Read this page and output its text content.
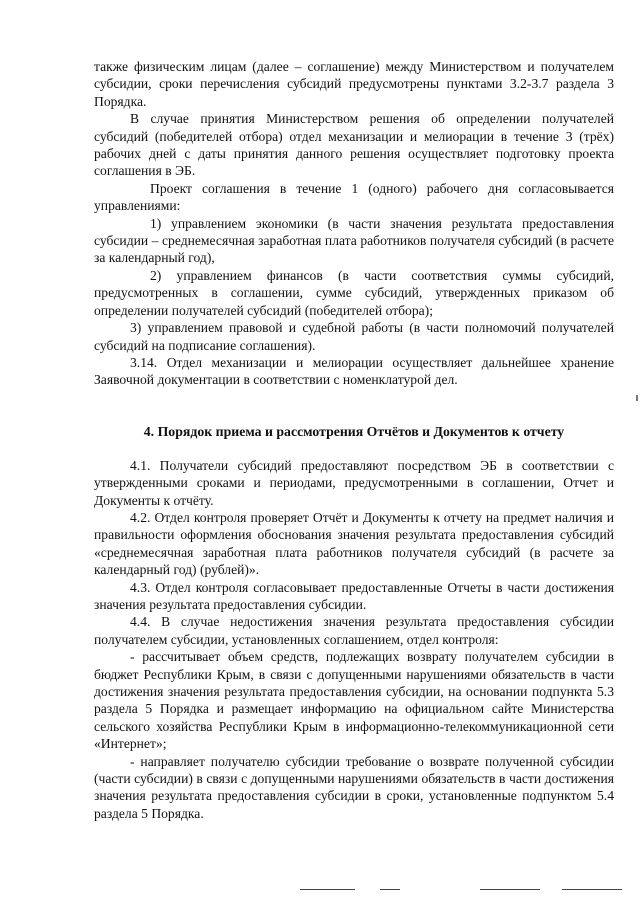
также физическим лицам (далее – соглашение) между Министерством и получателем субсидии, сроки перечисления субсидий предусмотрены пунктами 3.2-3.7 раздела 3 Порядка.

В случае принятия Министерством решения об определении получателей субсидий (победителей отбора) отдел механизации и мелиорации в течение 3 (трёх) рабочих дней с даты принятия данного решения осуществляет подготовку проекта соглашения в ЭБ.

Проект соглашения в течение 1 (одного) рабочего дня согласовывается управлениями:

1) управлением экономики (в части значения результата предоставления субсидии – среднемесячная заработная плата работников получателя субсидий (в расчете за календарный год),

2) управлением финансов (в части соответствия суммы субсидий, предусмотренных в соглашении, сумме субсидий, утвержденных приказом об определении получателей субсидий (победителей отбора);

3) управлением правовой и судебной работы (в части полномочий получателей субсидий на подписание соглашения).

3.14. Отдел механизации и мелиорации осуществляет дальнейшее хранение Заявочной документации в соответствии с номенклатурой дел.

4. Порядок приема и рассмотрения Отчётов и Документов к отчету

4.1. Получатели субсидий предоставляют посредством ЭБ в соответствии с утвержденными сроками и периодами, предусмотренными в соглашении, Отчет и Документы к отчёту.

4.2. Отдел контроля проверяет Отчёт и Документы к отчету на предмет наличия и правильности оформления обоснования значения результата предоставления субсидий «среднемесячная заработная плата работников получателя субсидий (в расчете за календарный год) (рублей)».

4.3. Отдел контроля согласовывает предоставленные Отчеты в части достижения значения результата предоставления субсидии.

4.4. В случае недостижения значения результата предоставления субсидии получателем субсидии, установленных соглашением, отдел контроля:

- рассчитывает объем средств, подлежащих возврату получателем субсидии в бюджет Республики Крым, в связи с допущенными нарушениями обязательств в части достижения значения результата предоставления субсидии, на основании подпункта 5.3 раздела 5 Порядка и размещает информацию на официальном сайте Министерства сельского хозяйства Республики Крым в информационно-телекоммуникационной сети «Интернет»;

- направляет получателю субсидии требование о возврате полученной субсидии (части субсидии) в связи с допущенными нарушениями обязательств в части достижения значения результата предоставления субсидии в сроки, установленные подпунктом 5.4 раздела 5 Порядка.
